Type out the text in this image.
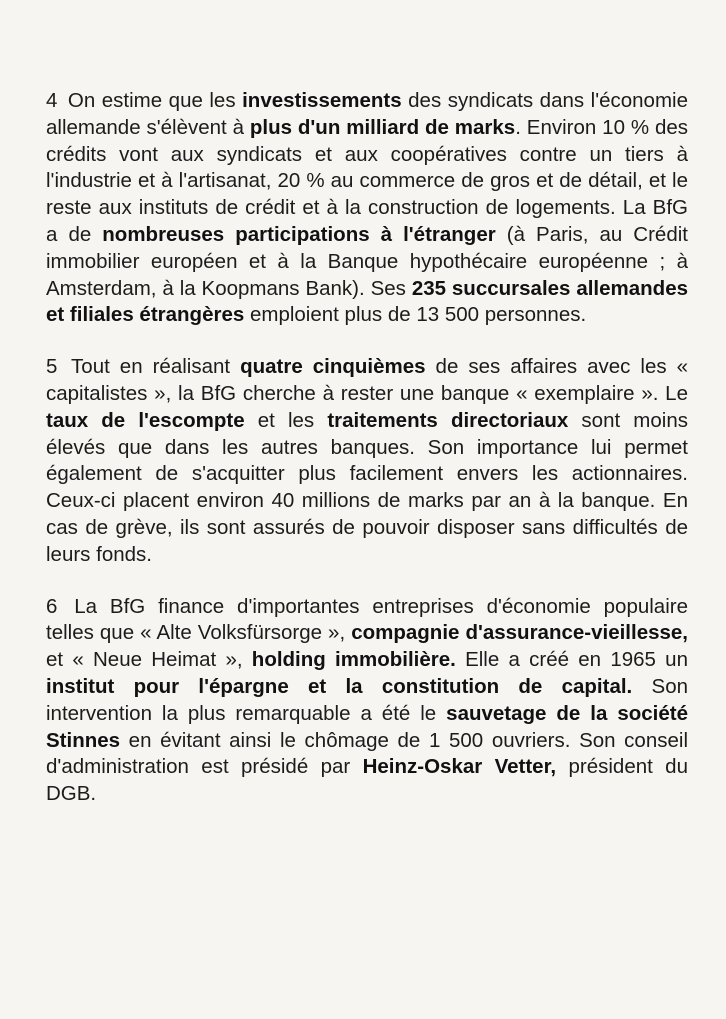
4 On estime que les investissements des syndicats dans l'économie allemande s'élèvent à plus d'un milliard de marks. Environ 10 % des crédits vont aux syndicats et aux coopératives contre un tiers à l'industrie et à l'artisanat, 20 % au commerce de gros et de détail, et le reste aux instituts de crédit et à la construction de logements. La BfG a de nombreuses participations à l'étranger (à Paris, au Crédit immobilier européen et à la Banque hypothécaire européenne ; à Amsterdam, à la Koopmans Bank). Ses 235 succursales allemandes et filiales étrangères emploient plus de 13 500 personnes.

5 Tout en réalisant quatre cinquièmes de ses affaires avec les « capitalistes », la BfG cherche à rester une banque « exemplaire ». Le taux de l'escompte et les traitements directoriaux sont moins élevés que dans les autres banques. Son importance lui permet également de s'acquitter plus facilement envers les actionnaires. Ceux-ci placent environ 40 millions de marks par an à la banque. En cas de grève, ils sont assurés de pouvoir disposer sans difficultés de leurs fonds.

6 La BfG finance d'importantes entreprises d'économie populaire telles que « Alte Volksfürsorge », compagnie d'assurance-vieillesse, et « Neue Heimat », holding immobilière. Elle a créé en 1965 un institut pour l'épargne et la constitution de capital. Son intervention la plus remarquable a été le sauvetage de la société Stinnes en évitant ainsi le chômage de 1 500 ouvriers. Son conseil d'administration est présidé par Heinz-Oskar Vetter, président du DGB.
